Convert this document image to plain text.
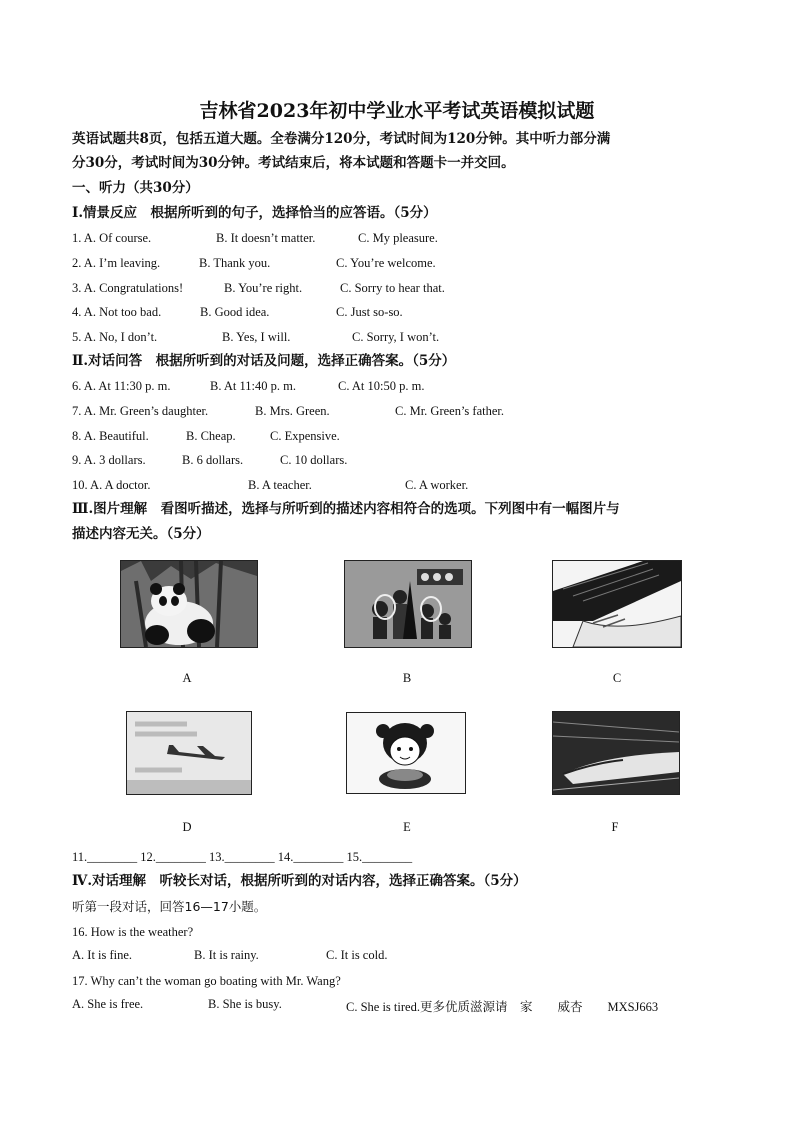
吉林省2023年初中学业水平考试英语模拟试题
英语试题共8页，包括五道大题。全卷满分120分，考试时间为120分钟。其中听力部分满
分30分，考试时间为30分钟。考试结束后，将本试题和答题卡一并交回。
一、听力（共30分）
Ⅰ.情景反应　根据所听到的句子，选择恰当的应答语。（5分）
1. A. Of course.	B. It doesn’t matter.	C. My pleasure.
2. A. I’m leaving.	B. Thank you.	C. You’re welcome.
3. A. Congratulations!	B. You’re right.	C. Sorry to hear that.
4. A. Not too bad.	B. Good idea.	C. Just so-so.
5. A. No, I don’t.	B. Yes, I will.	C. Sorry, I won’t.
Ⅱ.对话问答　根据所听到的对话及问题，选择正确答案。（5分）
6. A. At 11:30 p. m.	B. At 11:40 p. m.	C. At 10:50 p. m.
7. A. Mr. Green’s daughter.	B. Mrs. Green.	C. Mr. Green’s father.
8. A. Beautiful.	B. Cheap.	C. Expensive.
9. A. 3 dollars.	B. 6 dollars.	C. 10 dollars.
10. A. A doctor.	B. A teacher.	C. A worker.
Ⅲ.图片理解　看图听描述，选择与所听到的描述内容相符合的选项。下列图中有一幅图片与
描述内容无关。（5分）
A	B	C
D	E	F
11.________ 12.________ 13.________ 14.________ 15.________
Ⅳ.对话理解　听较长对话，根据所听到的对话内容，选择正确答案。（5分）
听第一段对话，回答16—17小题。
16. How is the weather?
A. It is fine.	B. It is rainy.	C. It is cold.
17. Why can’t the woman go boating with Mr. Wang?
A. She is free.	B. She is busy.	C. She is tired.更多优质滋源请　家　　威杏　　MXSJ663
